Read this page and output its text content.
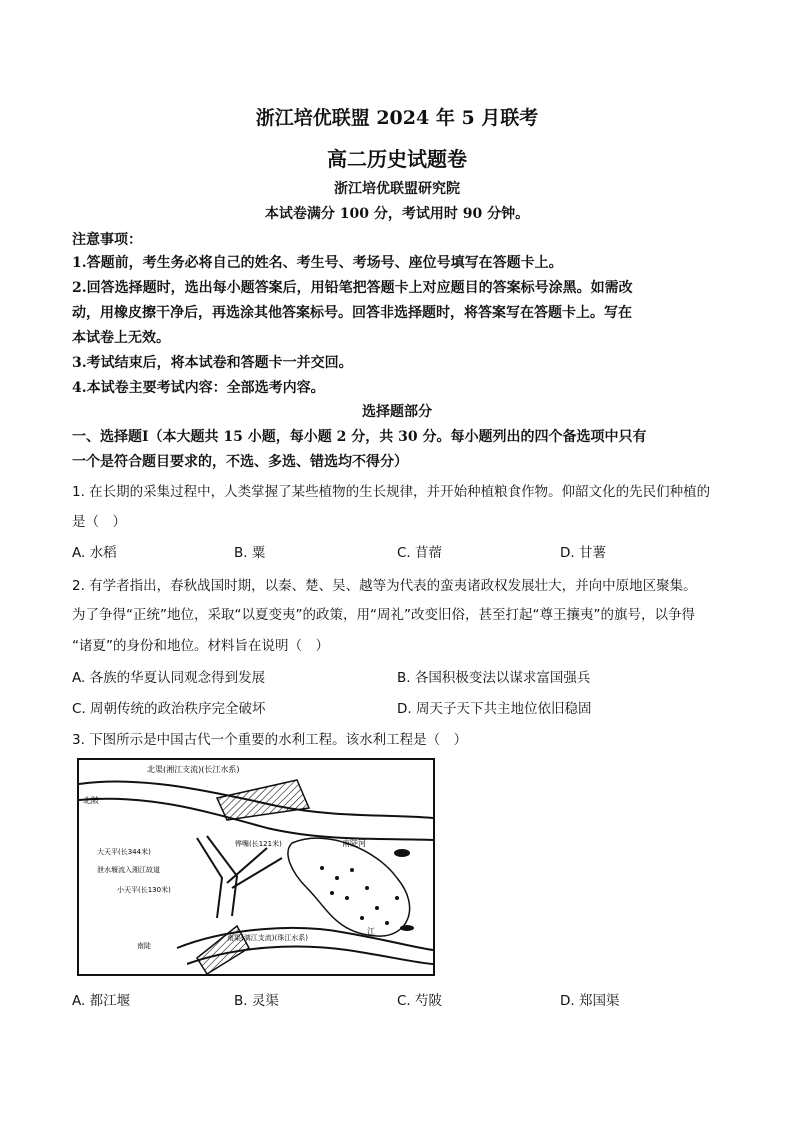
浙江培优联盟 2024 年 5 月联考
高二历史试题卷
浙江培优联盟研究院
本试卷满分 100 分，考试用时 90 分钟。
注意事项：
1.答题前，考生务必将自己的姓名、考生号、考场号、座位号填写在答题卡上。
2.回答选择题时，选出每小题答案后，用铅笔把答题卡上对应题目的答案标号涂黑。如需改
动，用橡皮擦干净后，再选涂其他答案标号。回答非选择题时，将答案写在答题卡上。写在
本试卷上无效。
3.考试结束后，将本试卷和答题卡一并交回。
4.本试卷主要考试内容：全部选考内容。
选择题部分
一、选择题Ⅰ（本大题共 15 小题，每小题 2 分，共 30 分。每小题列出的四个备选项中只有
一个是符合题目要求的，不选、多选、错选均不得分）
1. 在长期的采集过程中，人类掌握了某些植物的生长规律，并开始种植粮食作物。仰韶文化的先民们种植的
是（　）
A. 水稻	B. 粟	C. 苜蓿	D. 甘薯
2. 有学者指出，春秋战国时期，以秦、楚、吴、越等为代表的蛮夷诸政权发展壮大，并向中原地区聚集。
为了争得“正统”地位，采取“以夏变夷”的政策，用“周礼”改变旧俗，甚至打起“尊王攘夷”的旗号，以争得
“诸夏”的身份和地位。材料旨在说明（　）
A. 各族的华夏认同观念得到发展	B. 各国积极变法以谋求富国强兵
C. 周朝传统的政治秩序完全破坏	D. 周天子天下共主地位依旧稳固
3. 下图所示是中国古代一个重要的水利工程。该水利工程是（　）
北渠(湘江支流)(长江水系)
北陂
南陡河
铧嘴(长121米)
大天平(长344米)
泄水堰流入湘江故道
小天平(长130米)
南陡
南渠(漓江支流)(珠江水系)
江
A. 都江堰	B. 灵渠	C. 芍陂	D. 郑国渠
